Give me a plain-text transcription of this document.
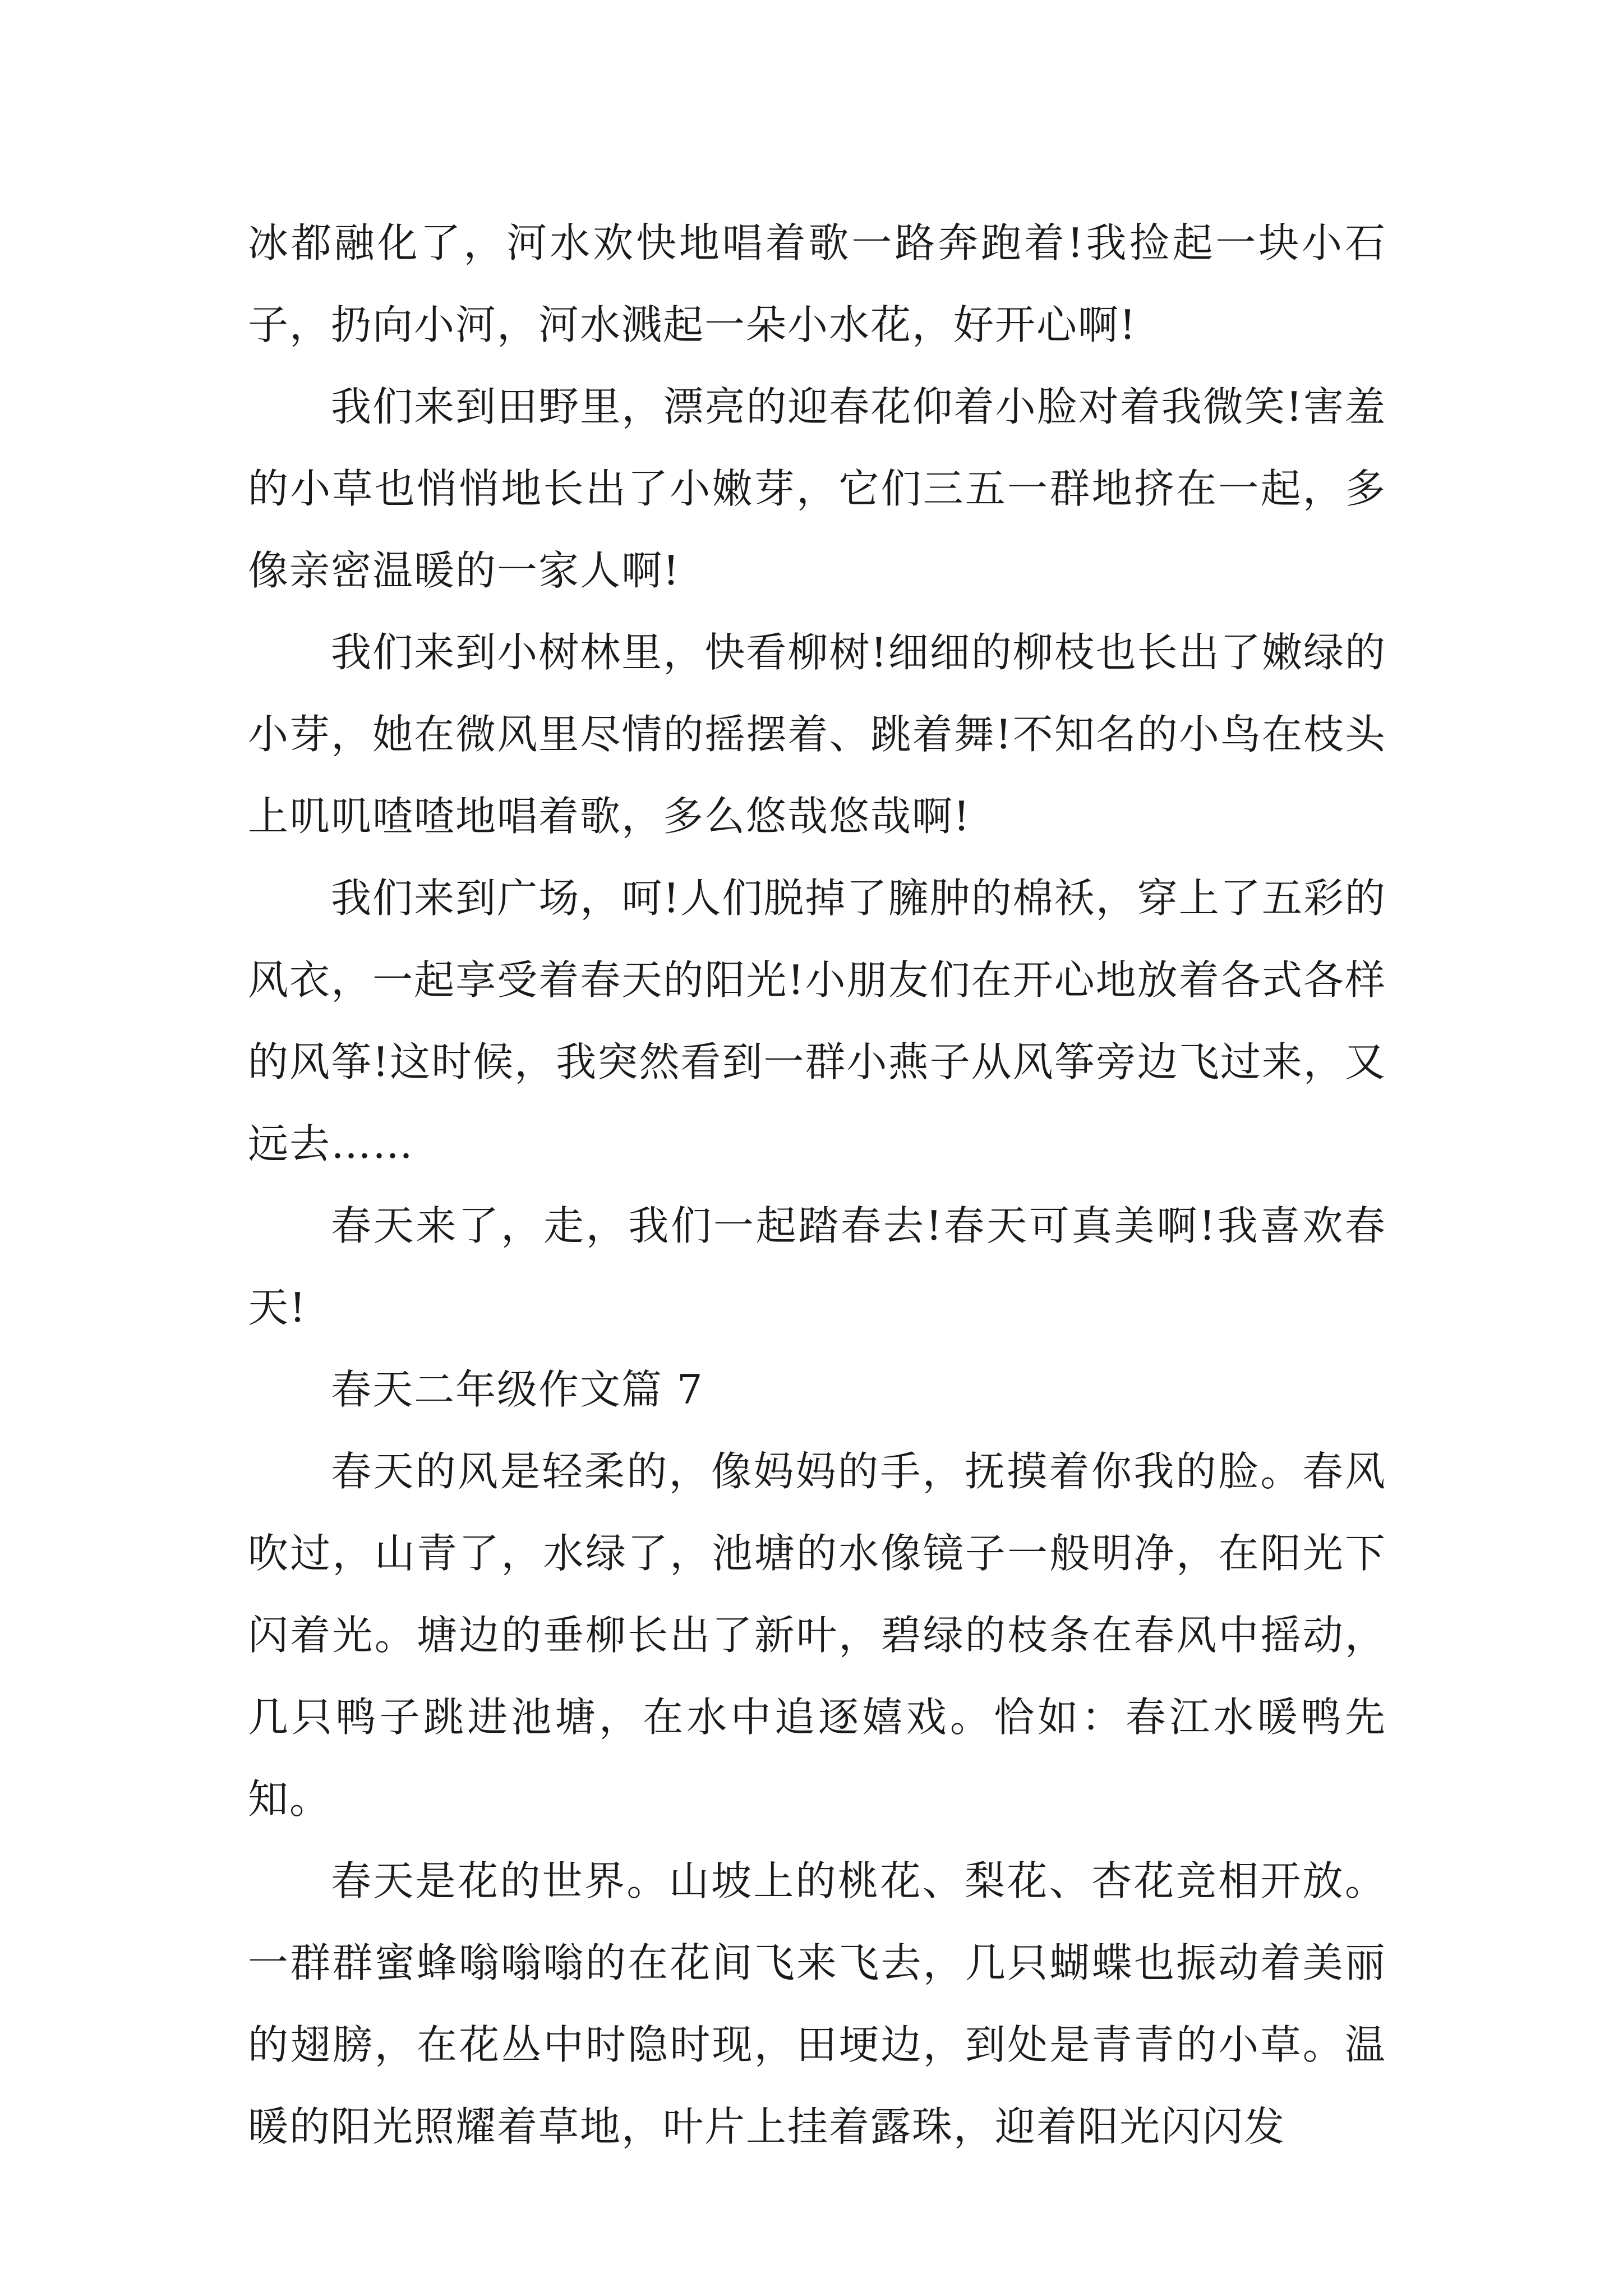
冰都融化了，河水欢快地唱着歌一路奔跑着!我捡起一块小石子，扔向小河，河水溅起一朵小水花，好开心啊!

我们来到田野里，漂亮的迎春花仰着小脸对着我微笑!害羞的小草也悄悄地长出了小嫩芽，它们三五一群地挤在一起，多像亲密温暖的一家人啊!

我们来到小树林里，快看柳树!细细的柳枝也长出了嫩绿的小芽，她在微风里尽情的摇摆着、跳着舞!不知名的小鸟在枝头上叽叽喳喳地唱着歌，多么悠哉悠哉啊!

我们来到广场，呵!人们脱掉了臃肿的棉袄，穿上了五彩的风衣，一起享受着春天的阳光!小朋友们在开心地放着各式各样的风筝!这时候，我突然看到一群小燕子从风筝旁边飞过来，又远去……

春天来了，走，我们一起踏春去!春天可真美啊!我喜欢春天!

春天二年级作文篇 7

春天的风是轻柔的，像妈妈的手，抚摸着你我的脸。春风吹过，山青了，水绿了，池塘的水像镜子一般明净，在阳光下闪着光。塘边的垂柳长出了新叶，碧绿的枝条在春风中摇动，几只鸭子跳进池塘，在水中追逐嬉戏。恰如：春江水暖鸭先知。

春天是花的世界。山坡上的桃花、梨花、杏花竞相开放。一群群蜜蜂嗡嗡嗡的在花间飞来飞去，几只蝴蝶也振动着美丽的翅膀，在花丛中时隐时现，田埂边，到处是青青的小草。温暖的阳光照耀着草地，叶片上挂着露珠，迎着阳光闪闪发
